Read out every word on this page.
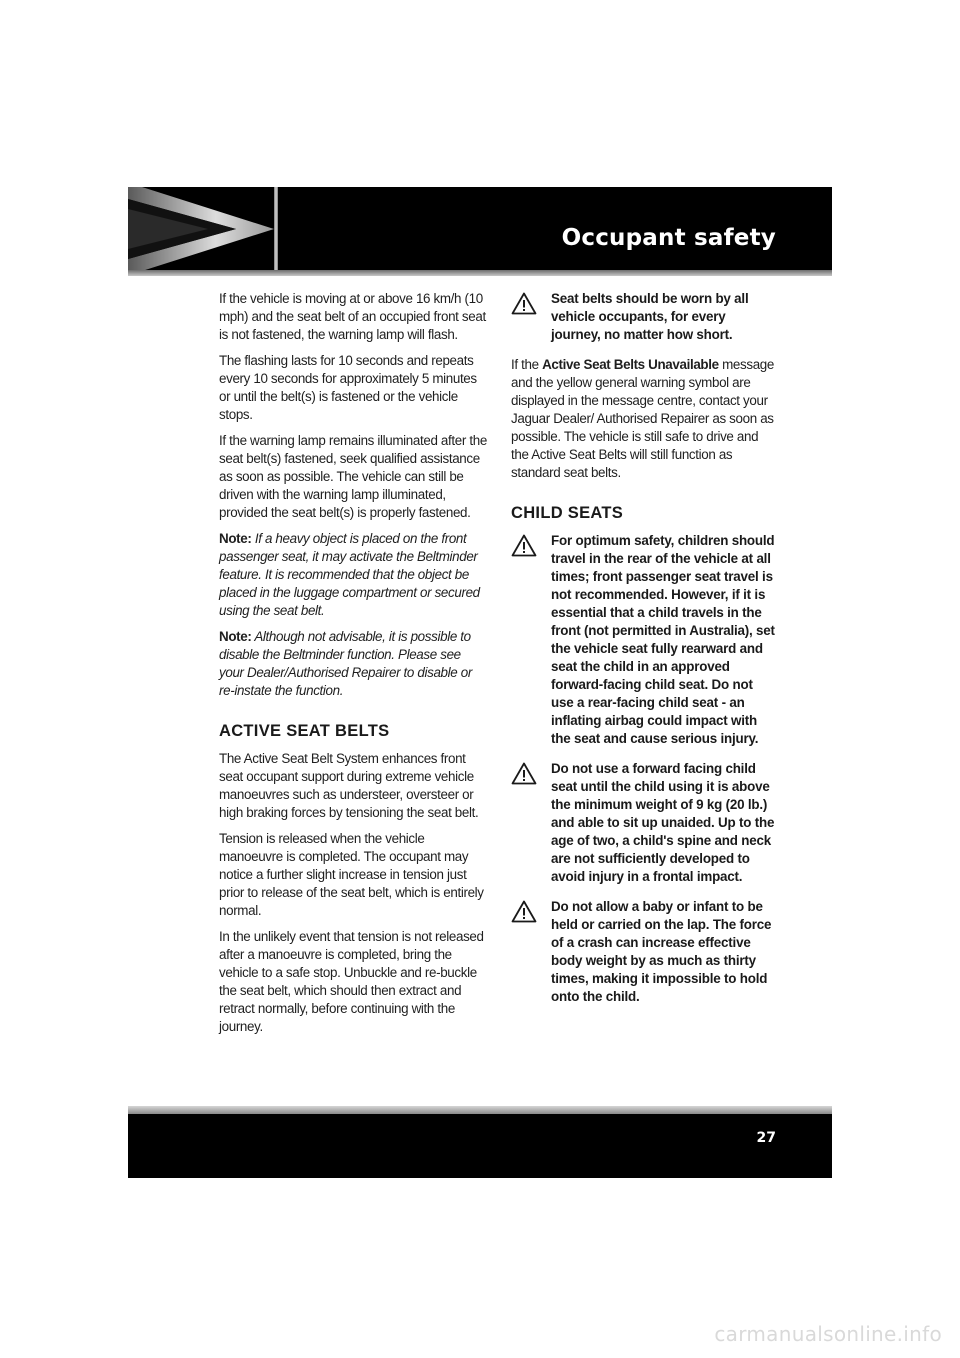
Occupant safety

If the vehicle is moving at or above 16 km/h (10 mph) and the seat belt of an occupied front seat is not fastened, the warning lamp will flash.

The flashing lasts for 10 seconds and repeats every 10 seconds for approximately 5 minutes or until the belt(s) is fastened or the vehicle stops.

If the warning lamp remains illuminated after the seat belt(s) fastened, seek qualified assistance as soon as possible. The vehicle can still be driven with the warning lamp illuminated, provided the seat belt(s) is properly fastened.

Note: If a heavy object is placed on the front passenger seat, it may activate the Beltminder feature. It is recommended that the object be placed in the luggage compartment or secured using the seat belt.

Note: Although not advisable, it is possible to disable the Beltminder function. Please see your Dealer/Authorised Repairer to disable or re-instate the function.

ACTIVE SEAT BELTS

The Active Seat Belt System enhances front seat occupant support during extreme vehicle manoeuvres such as understeer, oversteer or high braking forces by tensioning the seat belt.

Tension is released when the vehicle manoeuvre is completed. The occupant may notice a further slight increase in tension just prior to release of the seat belt, which is entirely normal.

In the unlikely event that tension is not released after a manoeuvre is completed, bring the vehicle to a safe stop. Unbuckle and re-buckle the seat belt, which should then extract and retract normally, before continuing with the journey.

Seat belts should be worn by all vehicle occupants, for every journey, no matter how short.

If the Active Seat Belts Unavailable message and the yellow general warning symbol are displayed in the message centre, contact your Jaguar Dealer/ Authorised Repairer as soon as possible. The vehicle is still safe to drive and the Active Seat Belts will still function as standard seat belts.

CHILD SEATS
For optimum safety, children should travel in the rear of the vehicle at all times; front passenger seat travel is not recommended. However, if it is essential that a child travels in the front (not permitted in Australia), set the vehicle seat fully rearward and seat the child in an approved forward-facing child seat. Do not use a rear-facing child seat - an inflating airbag could impact with the seat and cause serious injury.
Do not use a forward facing child seat until the child using it is above the minimum weight of 9 kg (20 lb.) and able to sit up unaided. Up to the age of two, a child's spine and neck are not sufficiently developed to avoid injury in a frontal impact.
Do not allow a baby or infant to be held or carried on the lap. The force of a crash can increase effective body weight by as much as thirty times, making it impossible to hold onto the child.
27
carmanualsonline.info
